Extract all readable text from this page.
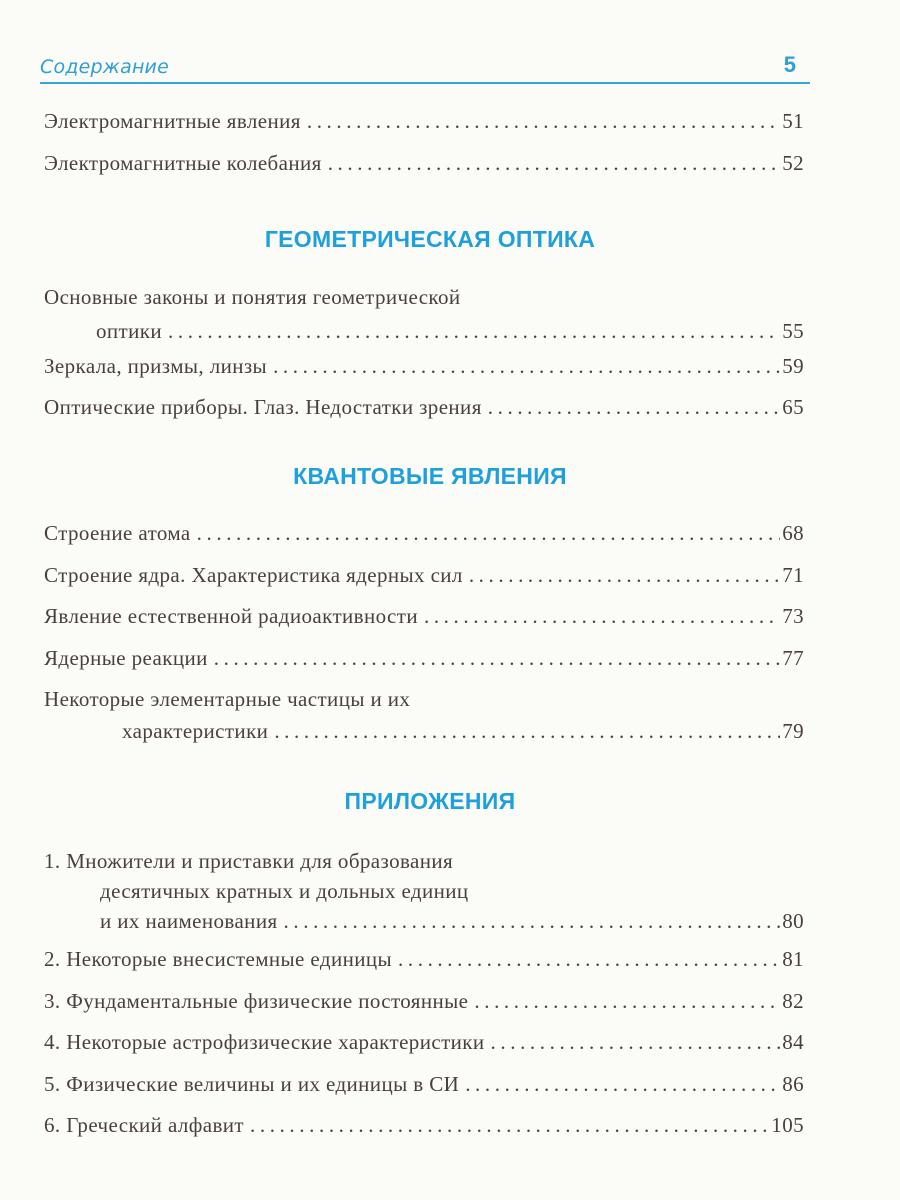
Содержание	5
Электромагнитные явления .....	51
Электромагнитные колебания .....	52
ГЕОМЕТРИЧЕСКАЯ ОПТИКА
Основные законы и понятия геометрической
оптики .....	55
Зеркала, призмы, линзы .....	59
Оптические приборы. Глаз. Недостатки зрения .....	65
КВАНТОВЫЕ ЯВЛЕНИЯ
Строение атома .....	68
Строение ядра. Характеристика ядерных сил .....	71
Явление естественной радиоактивности .....	73
Ядерные реакции .....	77
Некоторые элементарные частицы и их
характеристики .....	79
ПРИЛОЖЕНИЯ
1. Множители и приставки для образования
десятичных кратных и дольных единиц
и их наименования .....	80
2. Некоторые внесистемные единицы .....	81
3. Фундаментальные физические постоянные .....	82
4. Некоторые астрофизические характеристики .....	84
5. Физические величины и их единицы в СИ .....	86
6. Греческий алфавит .....	105
